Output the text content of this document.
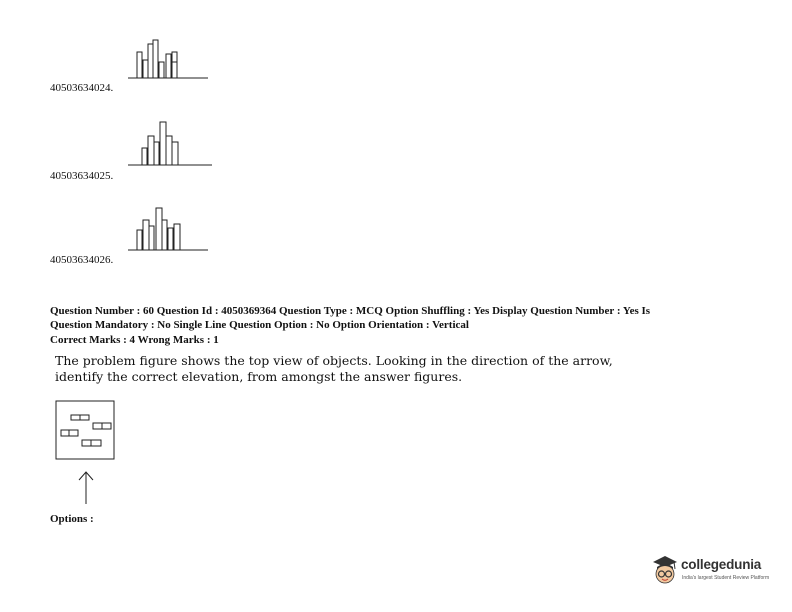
40503634024.
40503634025.
40503634026.
Question Number : 60 Question Id : 4050369364 Question Type : MCQ Option Shuffling : Yes Display Question Number : Yes Is
Question Mandatory : No Single Line Question Option : No Option Orientation : Vertical
Correct Marks : 4 Wrong Marks : 1
The problem figure shows the top view of objects. Looking in the direction of the arrow,
identify the correct elevation, from amongst the answer figures.
Options :
collegedunia
India's largest Student Review Platform
